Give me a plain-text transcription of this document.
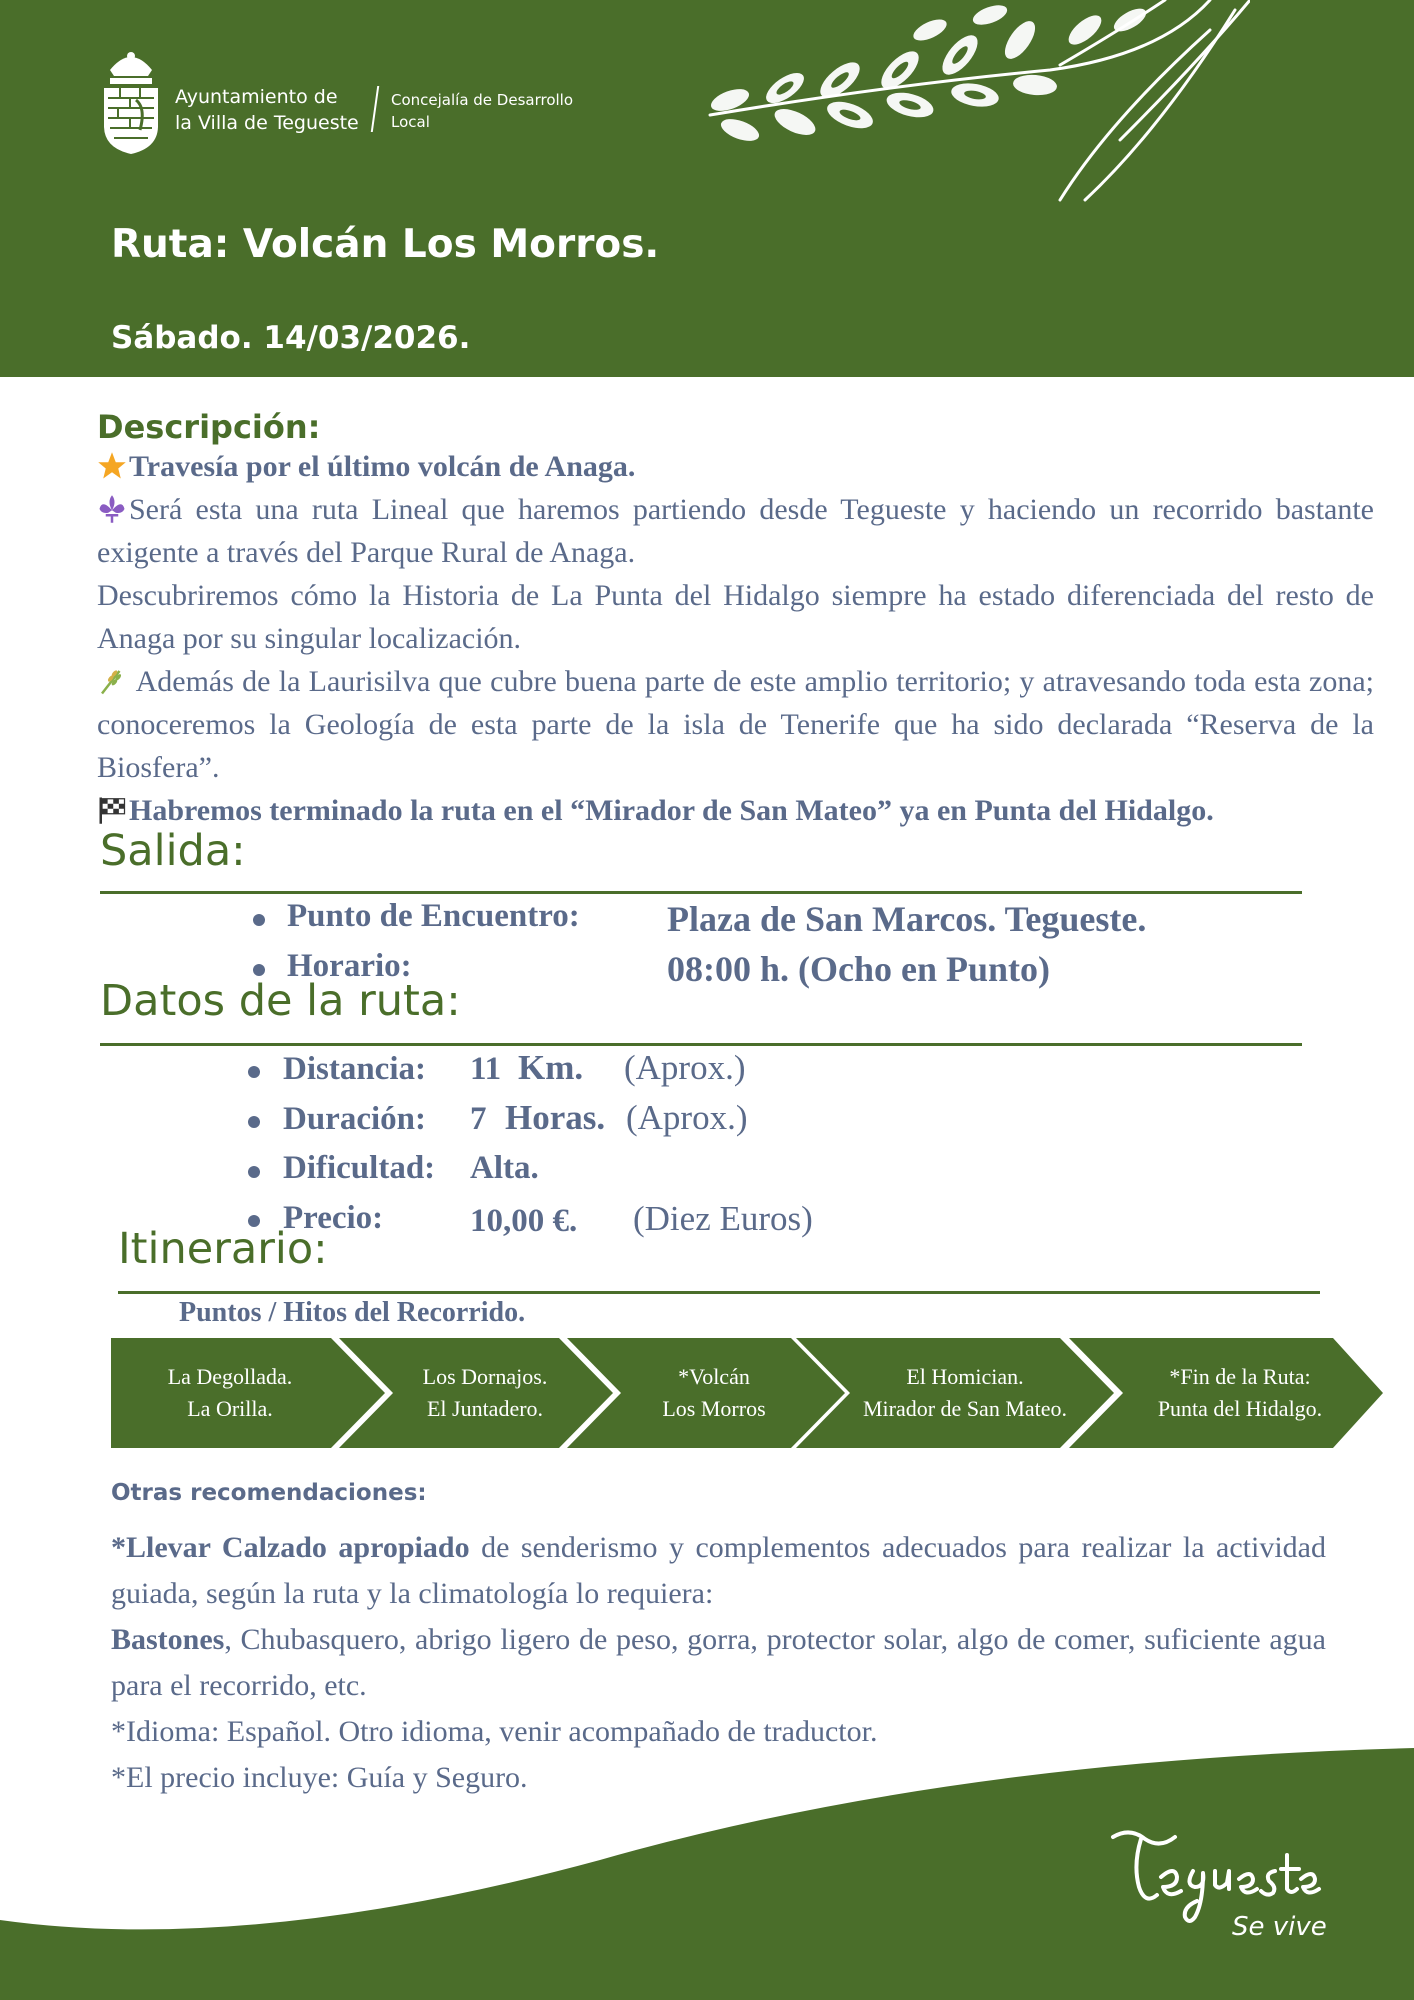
Ayuntamiento de
la Villa de Tegueste
Concejalía de Desarrollo
Local
Ruta: Volcán Los Morros.
Sábado. 14/03/2026.
Descripción:

Travesía por el último volcán de Anaga.

Será esta una ruta Lineal que haremos partiendo desde Tegueste y haciendo un recorrido bastante exigente a través del Parque Rural de Anaga.

Descubriremos cómo la Historia de La Punta del Hidalgo siempre ha estado diferenciada del resto de Anaga por su singular localización.

Además de la Laurisilva que cubre buena parte de este amplio territorio; y atravesando toda esta zona; conoceremos la Geología de esta parte de la isla de Tenerife que ha sido declarada “Reserva de la Biosfera”.

Habremos terminado la ruta en el “Mirador de San Mateo” ya en Punta del Hidalgo.

Salida:
Punto de Encuentro: Plaza de San Marcos. Tegueste.
Horario:	08:00 h. (Ocho en Punto)
Datos de la ruta:
Distancia: 11 Km. (Aprox.)
Duración: 7 Horas. (Aprox.)
Dificultad: Alta.
Precio:	10,00 €. (Diez Euros)
Itinerario:
Puntos / Hitos del Recorrido.
La Degollada.
La Orilla.
Los Dornajos.
El Juntadero.
*Volcán
Los Morros
El Homician.
Mirador de San Mateo.
*Fin de la Ruta:
Punta del Hidalgo.
Otras recomendaciones:

*Llevar Calzado apropiado de senderismo y complementos adecuados para realizar la actividad guiada, según la ruta y la climatología lo requiera:

Bastones, Chubasquero, abrigo ligero de peso, gorra, protector solar, algo de comer, suficiente agua para el recorrido, etc.

*Idioma: Español. Otro idioma, venir acompañado de traductor.

*El precio incluye: Guía y Seguro.

Se vive
